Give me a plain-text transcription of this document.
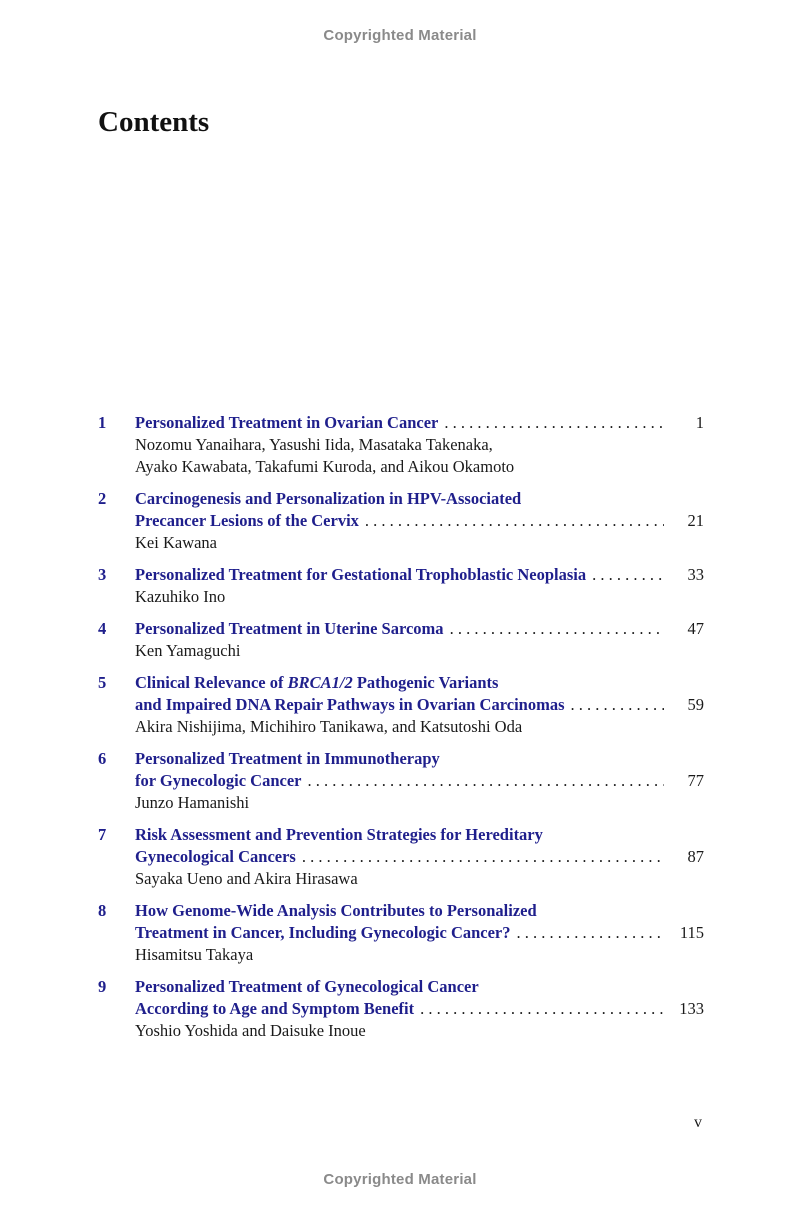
Copyrighted Material
Contents
1 Personalized Treatment in Ovarian Cancer . . .	1
Nozomu Yanaihara, Yasushi Iida, Masataka Takenaka,
Ayako Kawabata, Takafumi Kuroda, and Aikou Okamoto
2 Carcinogenesis and Personalization in HPV-Associated
Precancer Lesions of the Cervix . . .	21
Kei Kawana
3 Personalized Treatment for Gestational Trophoblastic Neoplasia . . .	33
Kazuhiko Ino
4 Personalized Treatment in Uterine Sarcoma . . .	47
Ken Yamaguchi
5 Clinical Relevance of BRCA1/2 Pathogenic Variants
and Impaired DNA Repair Pathways in Ovarian Carcinomas . . .	59
Akira Nishijima, Michihiro Tanikawa, and Katsutoshi Oda
6 Personalized Treatment in Immunotherapy
for Gynecologic Cancer . . .	77
Junzo Hamanishi
7 Risk Assessment and Prevention Strategies for Hereditary
Gynecological Cancers . . .	87
Sayaka Ueno and Akira Hirasawa
8 How Genome-Wide Analysis Contributes to Personalized
Treatment in Cancer, Including Gynecologic Cancer? . . .	115
Hisamitsu Takaya
9 Personalized Treatment of Gynecological Cancer
According to Age and Symptom Benefit . . .	133
Yoshio Yoshida and Daisuke Inoue
v
Copyrighted Material
